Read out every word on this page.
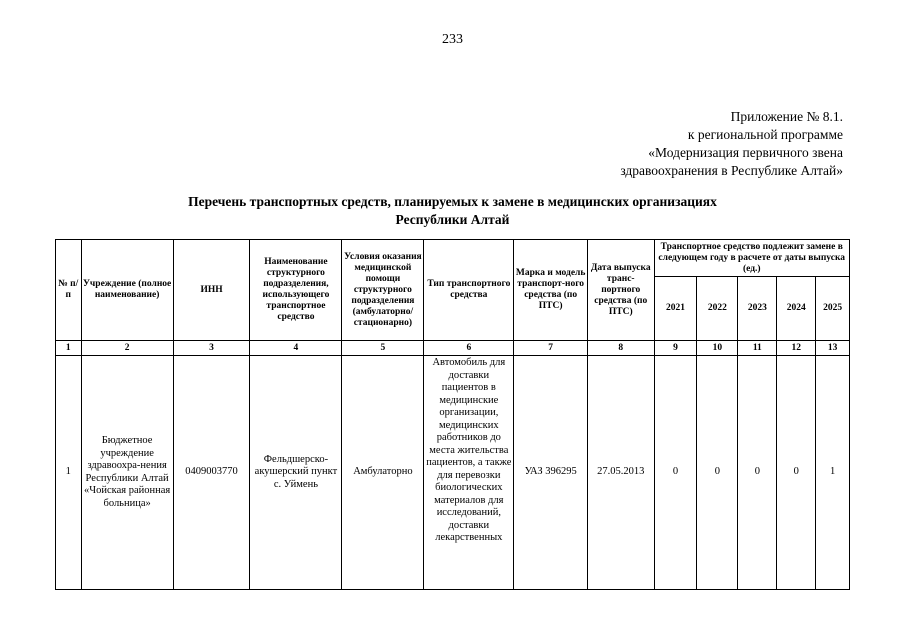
233
Приложение № 8.1.
к региональной программе
«Модернизация первичного звена
здравоохранения в Республике Алтай»
Перечень транспортных средств, планируемых к замене в медицинских организациях
Республики Алтай
№ п/п	Учреждение (полное наименование)	ИНН	Наименование структурного подразделения, использующего транспортное средство	Условия оказания медицинской помощи структурного подразделения (амбулаторно/ стационарно)	Тип транспортного средства	Марка и модель транспорт-ного средства (по ПТС)	Дата выпуска транс-портного средства (по ПТС)	Транспортное средство подлежит замене в следующем году в расчете от даты выпуска (ед.)				
								2021	2022	2023	2024	2025
1	2	3	4	5	6	7	8	9	10	11	12	13
1	Бюджетное учреждение здравоохра-нения Республики Алтай «Чойская районная больница»	0409003770	Фельдшерско-акушерский пункт с. Уймень	Амбулаторно	Автомобиль для доставки пациентов в медицинские организации, медицинских работников до места жительства пациентов, а также для перевозки биологических материалов для исследований, доставки лекарственных	УАЗ 396295	27.05.2013	0	0	0	0	1
